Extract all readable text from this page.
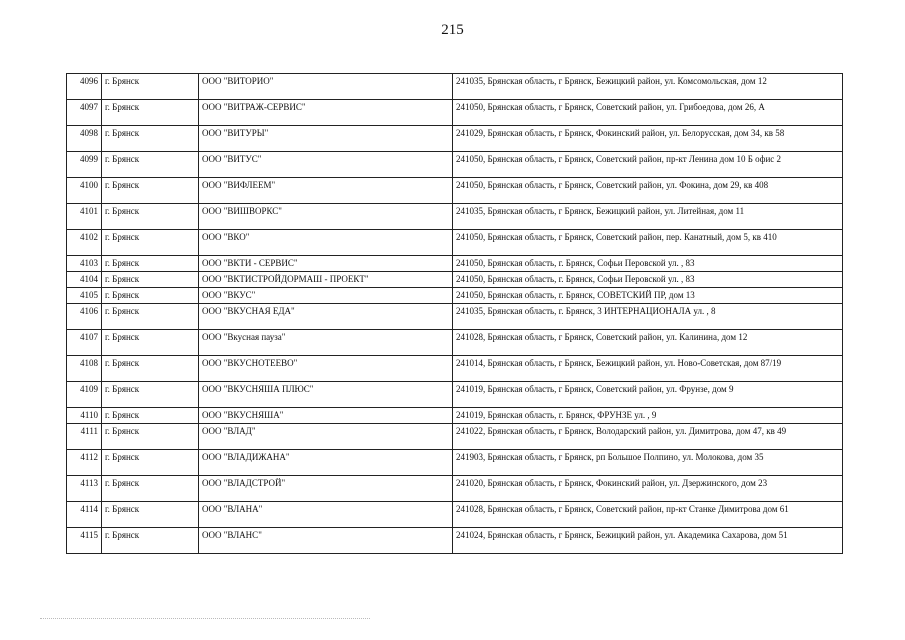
215
4096	г. Брянск	ООО "ВИТОРИО"	241035, Брянская область, г Брянск, Бежицкий район, ул. Комсомольская, дом 12
4097	г. Брянск	ООО "ВИТРАЖ-СЕРВИС"	241050, Брянская область, г Брянск, Советский район, ул. Грибоедова, дом 26, А
4098	г. Брянск	ООО "ВИТУРЫ"	241029, Брянская область, г Брянск, Фокинский район, ул. Белорусская, дом 34, кв 58
4099	г. Брянск	ООО "ВИТУС"	241050, Брянская область, г Брянск, Советский район, пр-кт Ленина дом 10 Б офис 2
4100	г. Брянск	ООО "ВИФЛЕЕМ"	241050, Брянская область, г Брянск, Советский район, ул. Фокина, дом 29, кв 408
4101	г. Брянск	ООО "ВИШВОРКС"	241035, Брянская область, г Брянск, Бежицкий район, ул. Литейная, дом 11
4102	г. Брянск	ООО "ВКО"	241050, Брянская область, г Брянск, Советский район, пер. Канатный, дом 5, кв 410
4103	г. Брянск	ООО "ВКТИ - СЕРВИС"	241050, Брянская область, г. Брянск, Софьи Перовской ул. , 83
4104	г. Брянск	ООО "ВКТИСТРОЙДОРМАШ - ПРОЕКТ"	241050, Брянская область, г. Брянск, Софьи Перовской ул. , 83
4105	г. Брянск	ООО "ВКУС"	241050, Брянская область, г. Брянск, СОВЕТСКИЙ ПР, дом 13
4106	г. Брянск	ООО "ВКУСНАЯ ЕДА"	241035, Брянская область, г. Брянск, 3 ИНТЕРНАЦИОНАЛА ул. , 8
4107	г. Брянск	ООО "Вкусная пауза"	241028, Брянская область, г Брянск, Советский район, ул. Калинина, дом 12
4108	г. Брянск	ООО "ВКУСНОТЕЕВО"	241014, Брянская область, г Брянск, Бежицкий район, ул. Ново-Советская, дом 87/19
4109	г. Брянск	ООО "ВКУСНЯША ПЛЮС"	241019, Брянская область, г Брянск, Советский район, ул. Фрунзе, дом 9
4110	г. Брянск	ООО "ВКУСНЯША"	241019, Брянская область, г. Брянск, ФРУНЗЕ ул. , 9
4111	г. Брянск	ООО "ВЛАД"	241022, Брянская область, г Брянск, Володарский район, ул. Димитрова, дом 47, кв 49
4112	г. Брянск	ООО "ВЛАДИЖАНА"	241903, Брянская область, г Брянск, рп Большое Полпино, ул. Молокова, дом 35
4113	г. Брянск	ООО "ВЛАДСТРОЙ"	241020, Брянская область, г Брянск, Фокинский район, ул. Дзержинского, дом 23
4114	г. Брянск	ООО "ВЛАНА"	241028, Брянская область, г Брянск, Советский район, пр-кт Станке Димитрова дом 61
4115	г. Брянск	ООО "ВЛАНС"	241024, Брянская область, г Брянск, Бежицкий район, ул. Академика Сахарова, дом 51
